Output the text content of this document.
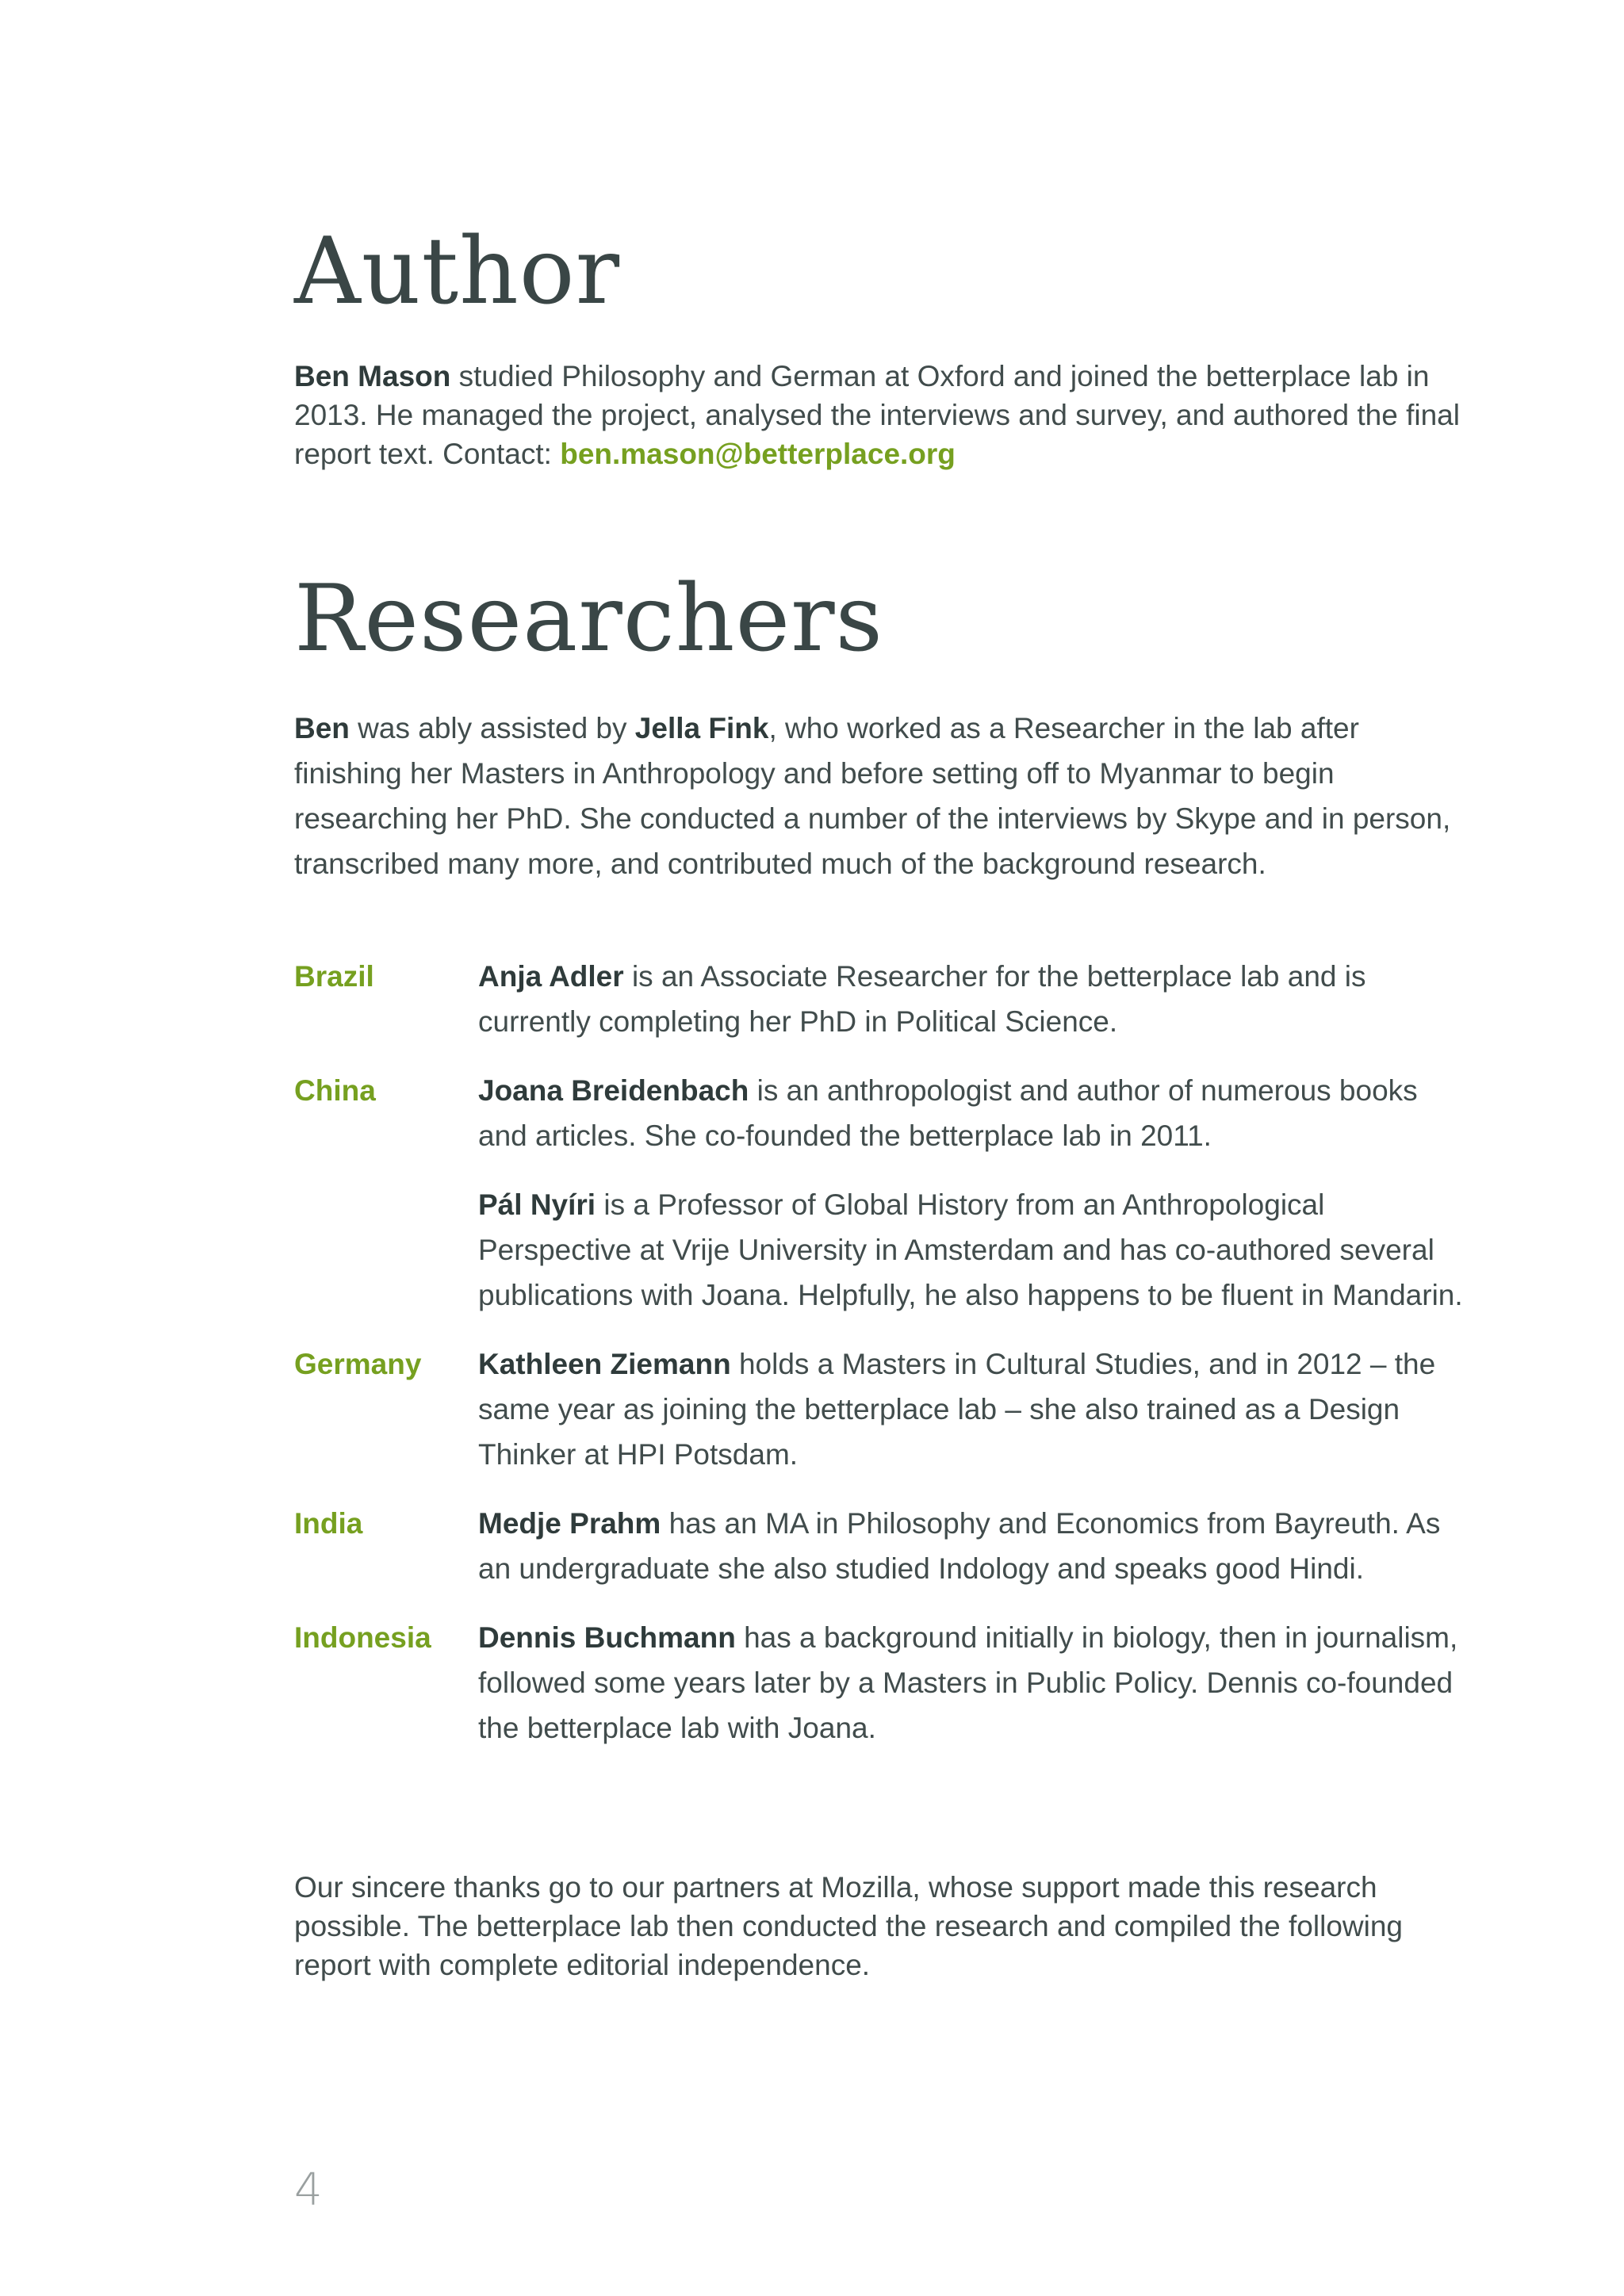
Author

Ben Mason studied Philosophy and German at Oxford and joined the betterplace lab in 2013. He managed the project, analysed the interviews and survey, and authored the final report text. Contact: ben.mason@betterplace.org

Researchers

Ben was ably assisted by Jella Fink, who worked as a Researcher in the lab after finishing her Masters in Anthropology and before setting off to Myanmar to begin researching her PhD. She conducted a number of the interviews by Skype and in person, transcribed many more, and contributed much of the background research.

Brazil	Anja Adler is an Associate Researcher for the betterplace lab and is currently completing her PhD in Political Science.

China	Joana Breidenbach is an anthropologist and author of numerous books and articles. She co-founded the betterplace lab in 2011.

Pál Nyíri is a Professor of Global History from an Anthropological Perspective at Vrije University in Amsterdam and has co-authored several publications with Joana. Helpfully, he also happens to be fluent in Mandarin.

Germany	Kathleen Ziemann holds a Masters in Cultural Studies, and in 2012 – the same year as joining the betterplace lab – she also trained as a Design Thinker at HPI Potsdam.

India	Medje Prahm has an MA in Philosophy and Economics from Bayreuth. As an undergraduate she also studied Indology and speaks good Hindi.

Indonesia	Dennis Buchmann has a background initially in biology, then in journalism, followed some years later by a Masters in Public Policy. Dennis co-founded the betterplace lab with Joana.

Our sincere thanks go to our partners at Mozilla, whose support made this research possible. The betterplace lab then conducted the research and compiled the following report with complete editorial independence.

4
